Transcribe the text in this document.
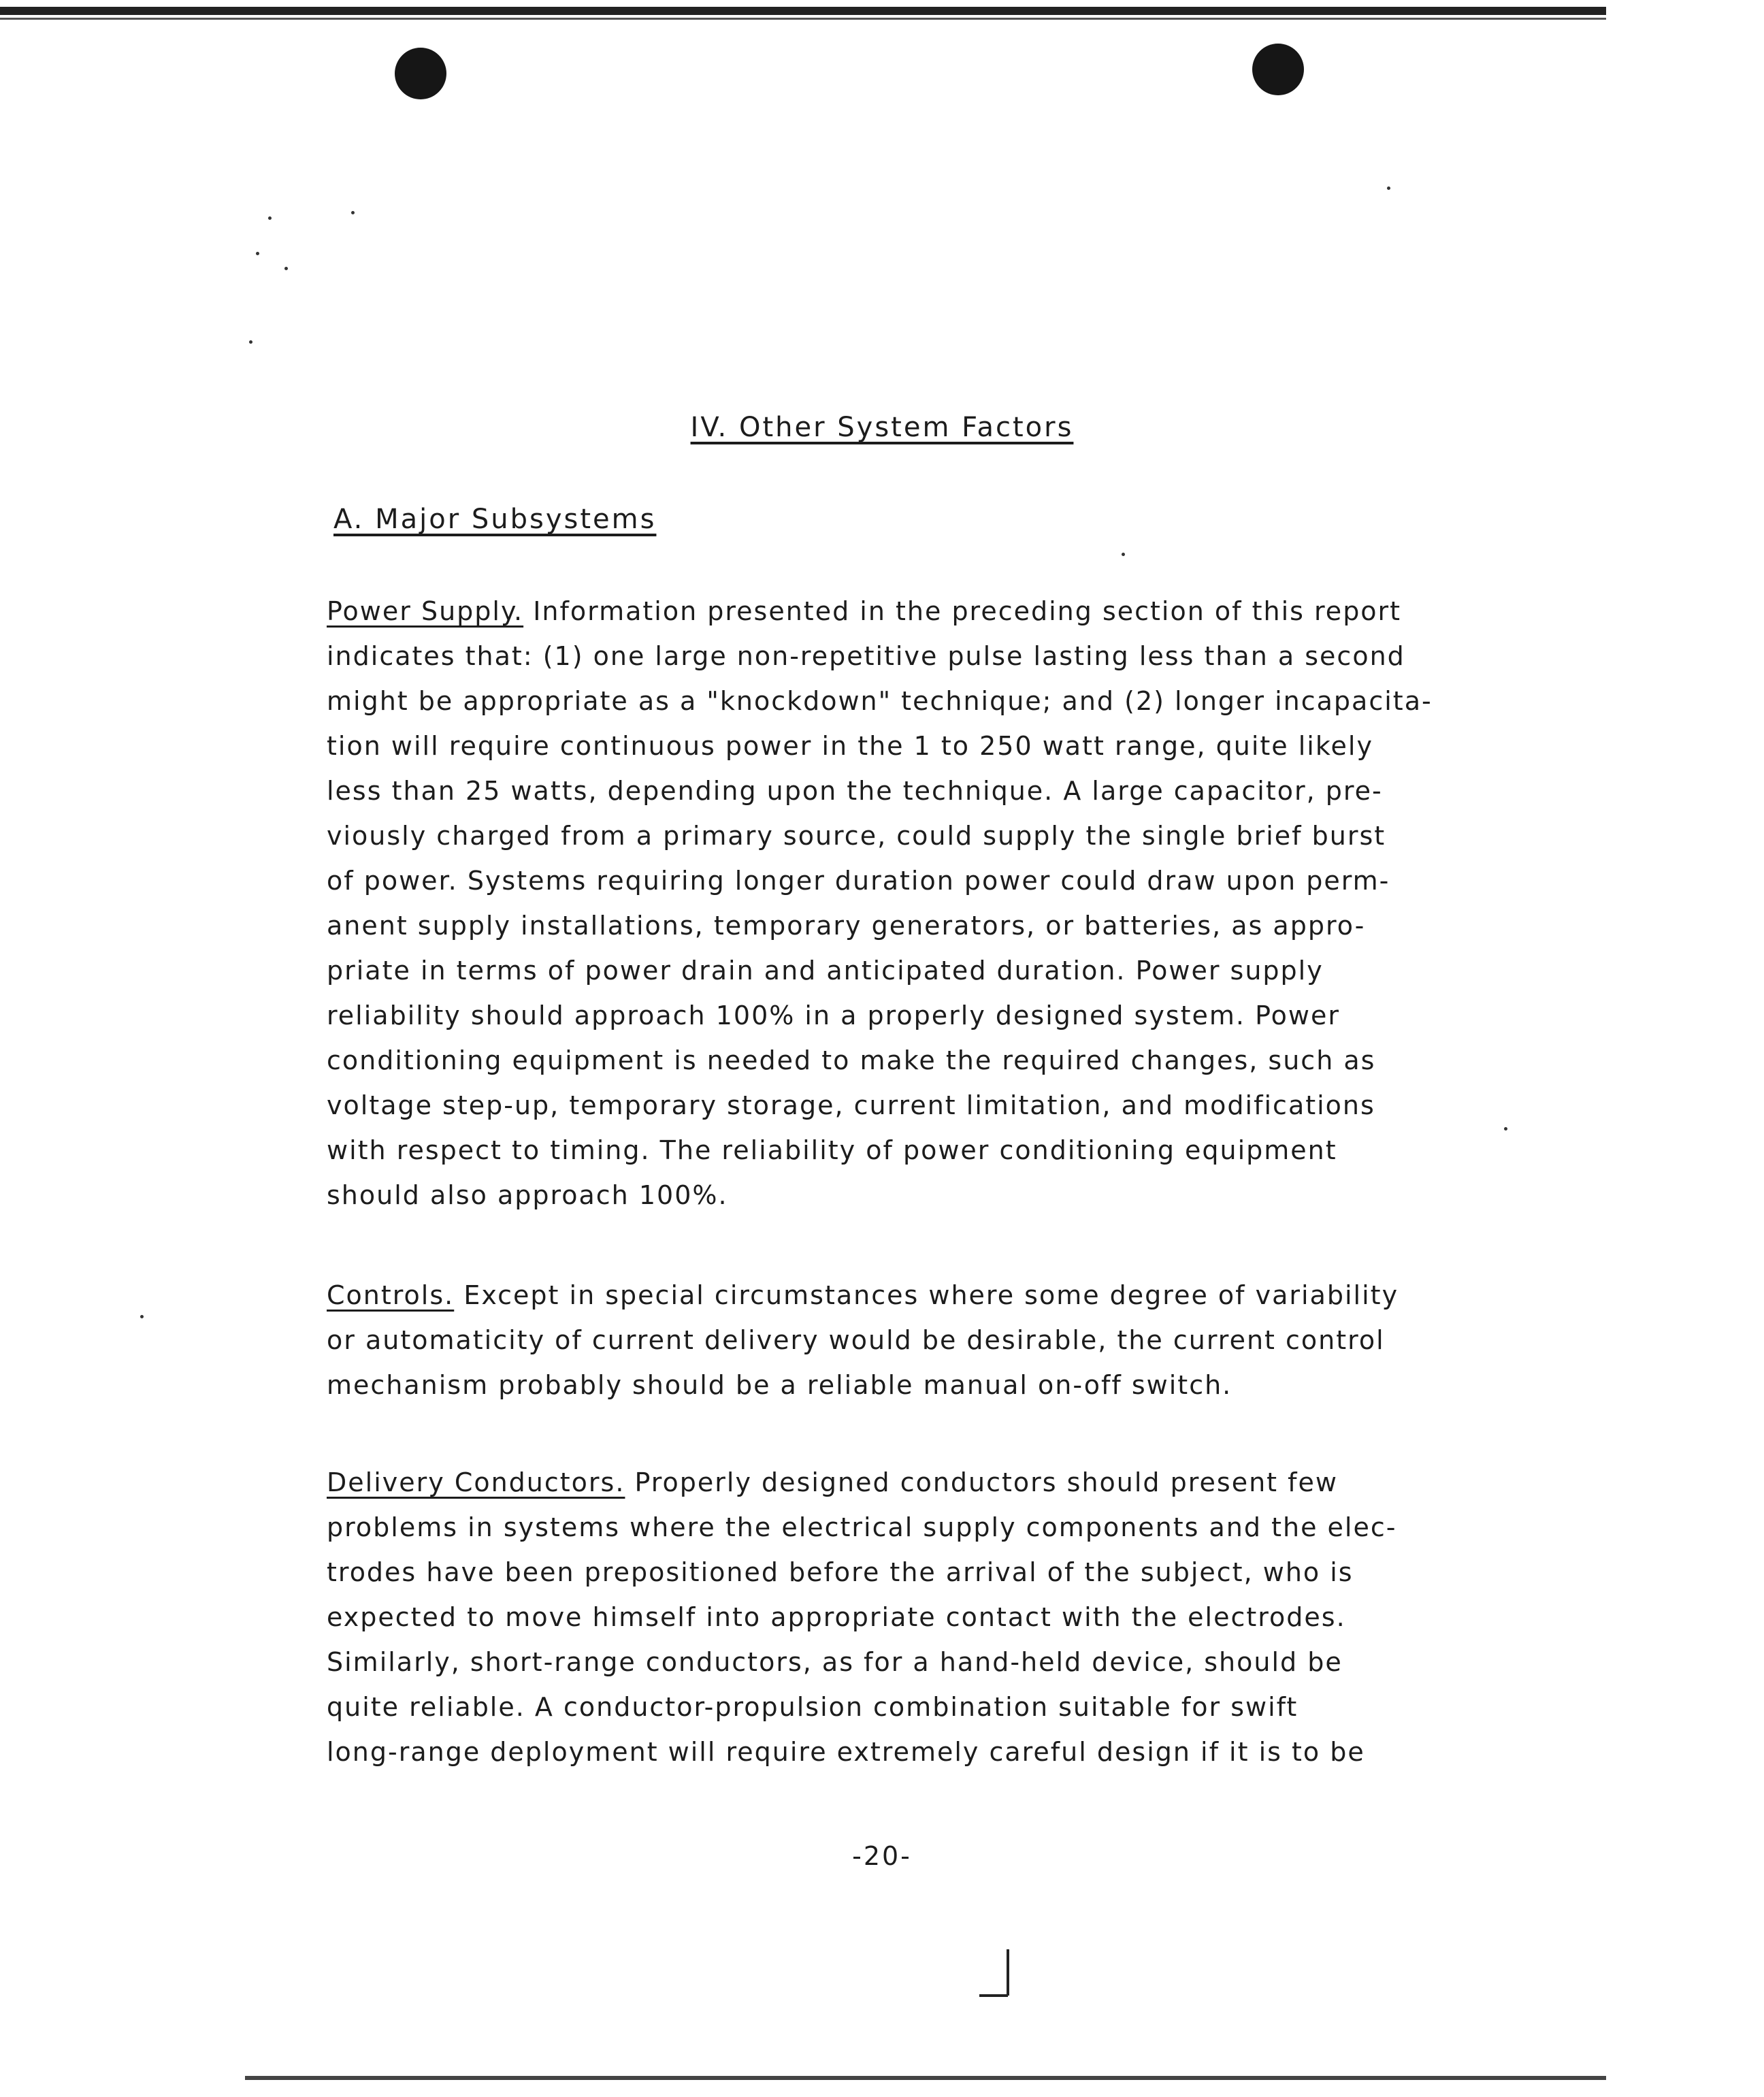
IV. Other System Factors
A. Major Subsystems
Power Supply. Information presented in the preceding section of this report
indicates that: (1) one large non-repetitive pulse lasting less than a second
might be appropriate as a "knockdown" technique; and (2) longer incapacita-
tion will require continuous power in the 1 to 250 watt range, quite likely
less than 25 watts, depending upon the technique. A large capacitor, pre-
viously charged from a primary source, could supply the single brief burst
of power. Systems requiring longer duration power could draw upon perm-
anent supply installations, temporary generators, or batteries, as appro-
priate in terms of power drain and anticipated duration. Power supply
reliability should approach 100% in a properly designed system. Power
conditioning equipment is needed to make the required changes, such as
voltage step-up, temporary storage, current limitation, and modifications
with respect to timing. The reliability of power conditioning equipment
should also approach 100%.
Controls. Except in special circumstances where some degree of variability
or automaticity of current delivery would be desirable, the current control
mechanism probably should be a reliable manual on-off switch.
Delivery Conductors. Properly designed conductors should present few
problems in systems where the electrical supply components and the elec-
trodes have been prepositioned before the arrival of the subject, who is
expected to move himself into appropriate contact with the electrodes.
Similarly, short-range conductors, as for a hand-held device, should be
quite reliable. A conductor-propulsion combination suitable for swift
long-range deployment will require extremely careful design if it is to be
-20-
